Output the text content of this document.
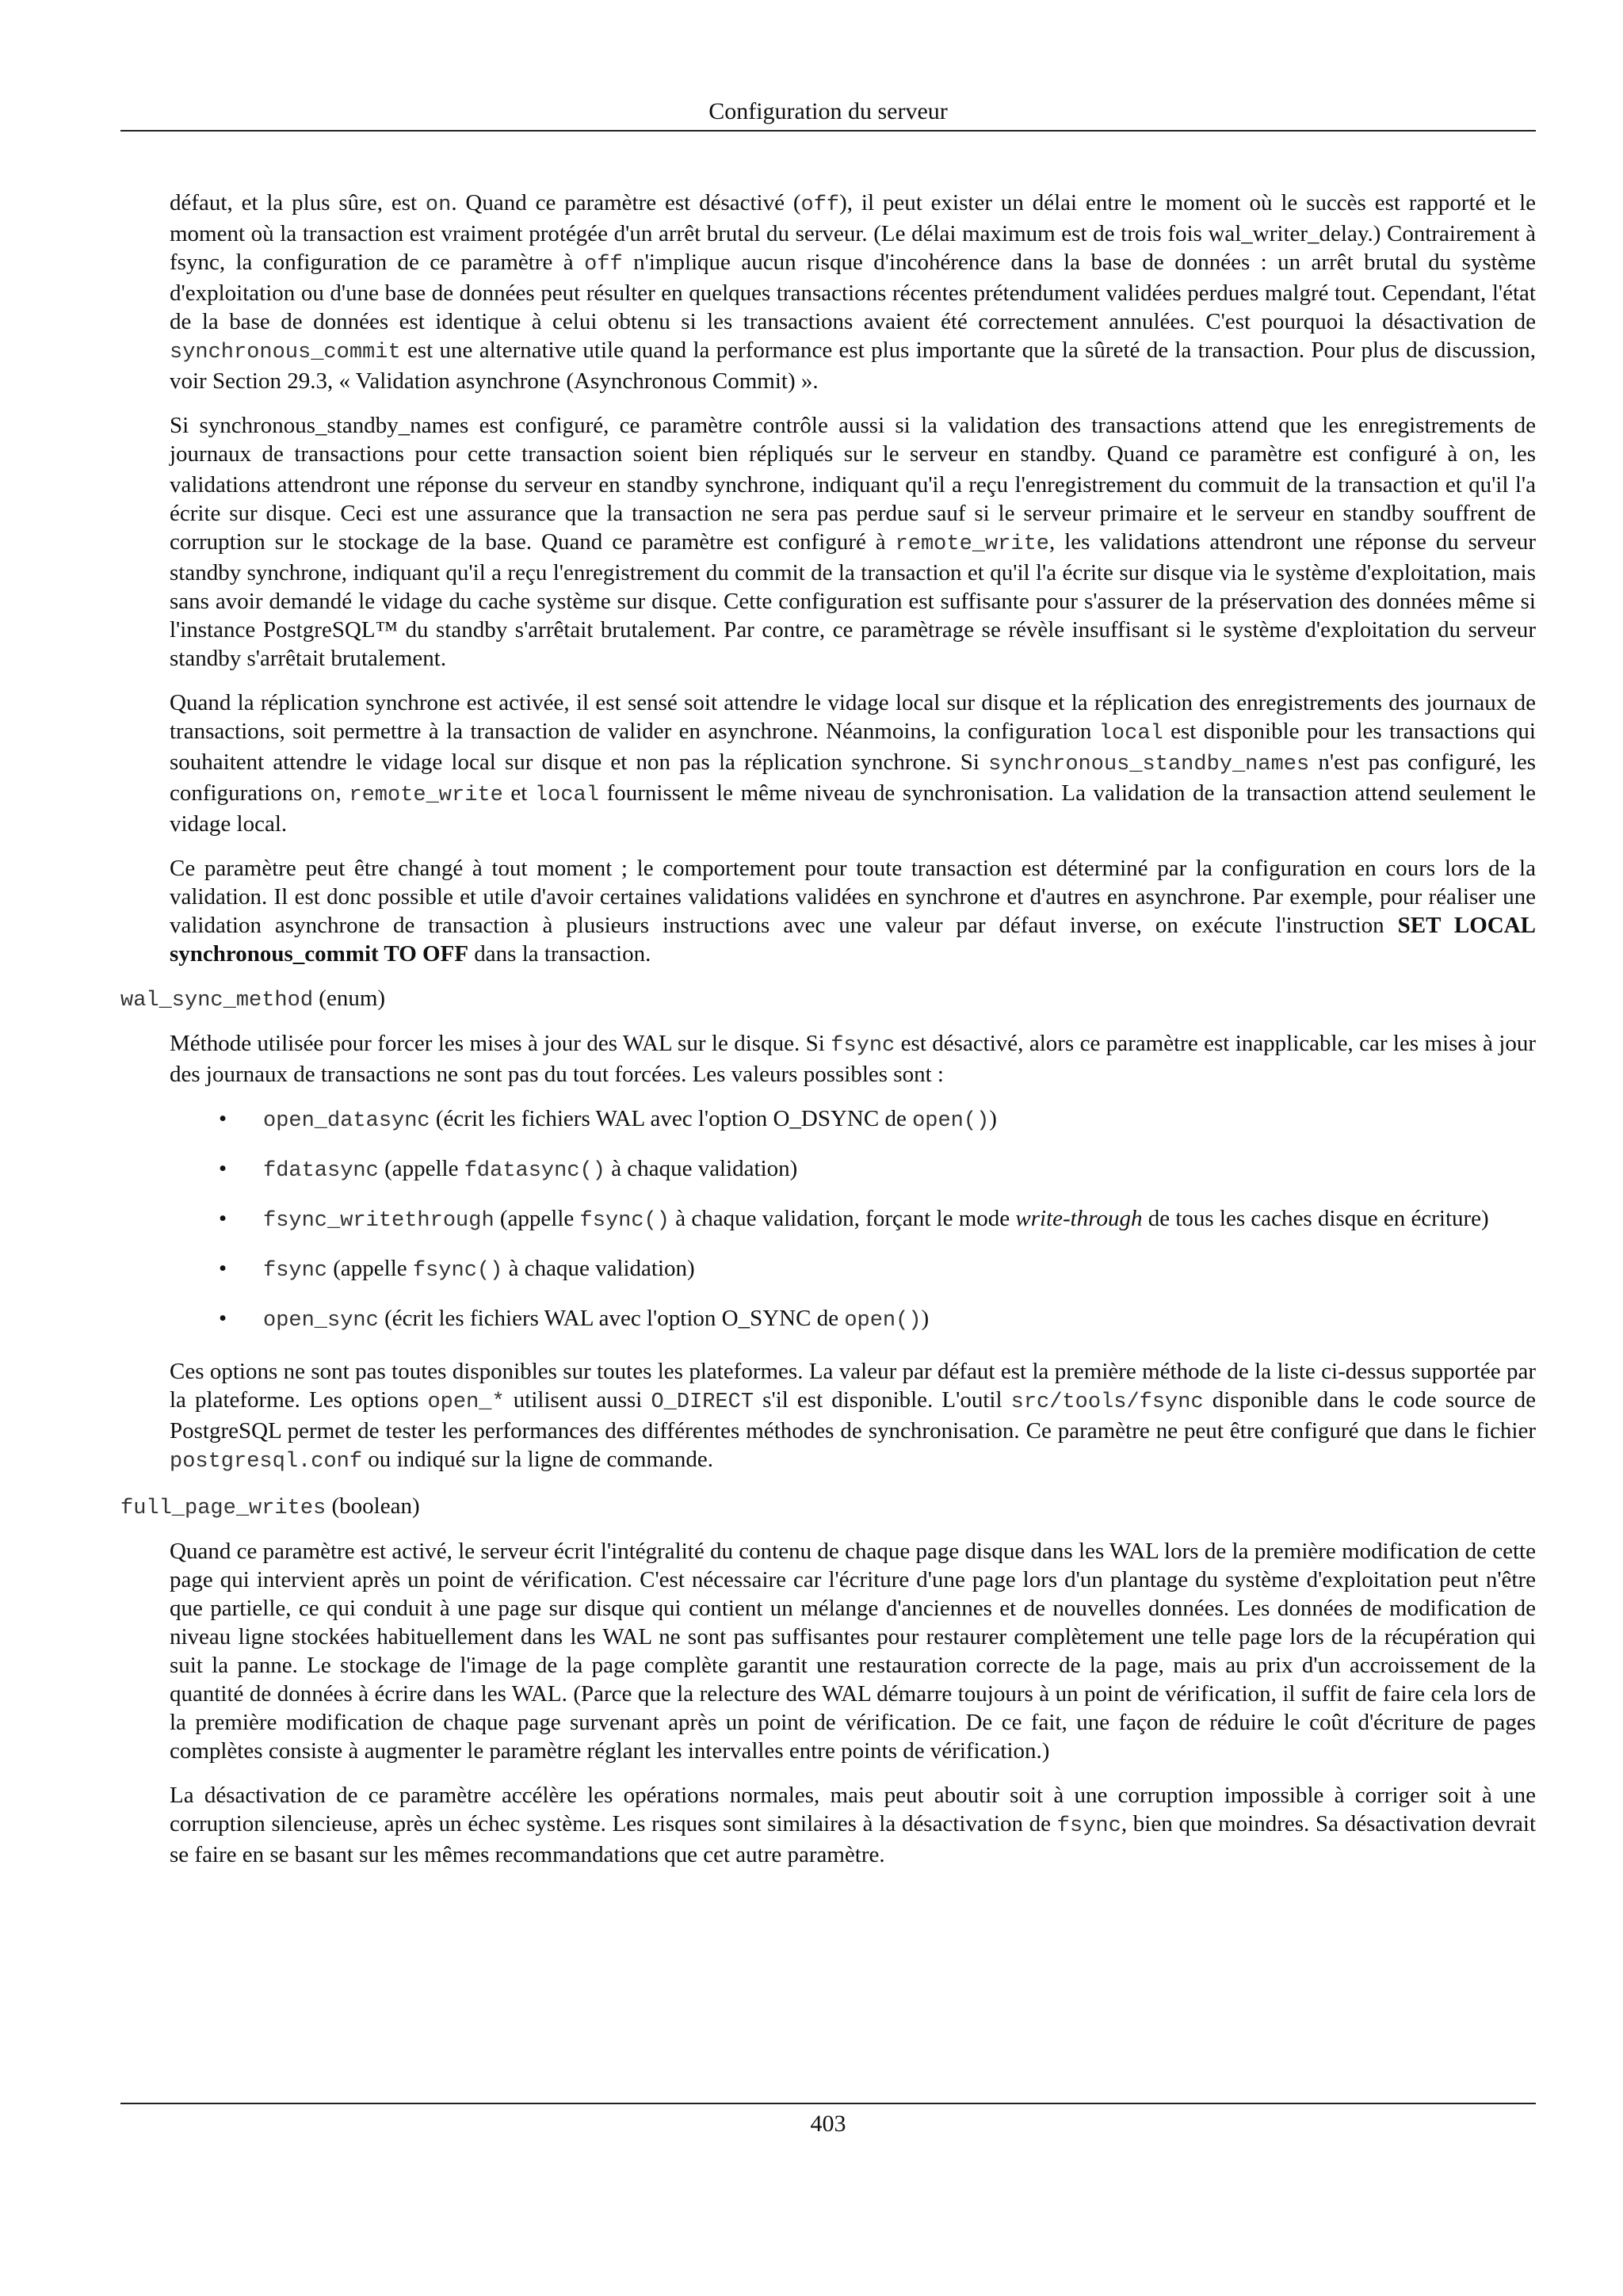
Configuration du serveur

défaut, et la plus sûre, est on. Quand ce paramètre est désactivé (off), il peut exister un délai entre le moment où le succès est rapporté et le moment où la transaction est vraiment protégée d'un arrêt brutal du serveur. (Le délai maximum est de trois fois wal_writer_delay.) Contrairement à fsync, la configuration de ce paramètre à off n'implique aucun risque d'incohérence dans la base de données : un arrêt brutal du système d'exploitation ou d'une base de données peut résulter en quelques transactions récentes prétendument validées perdues malgré tout. Cependant, l'état de la base de données est identique à celui obtenu si les transactions avaient été correctement annulées. C'est pourquoi la désactivation de synchronous_commit est une alternative utile quand la performance est plus importante que la sûreté de la transaction. Pour plus de discussion, voir Section 29.3, « Validation asynchrone (Asynchronous Commit) ».

Si synchronous_standby_names est configuré, ce paramètre contrôle aussi si la validation des transactions attend que les enregistrements de journaux de transactions pour cette transaction soient bien répliqués sur le serveur en standby. Quand ce paramètre est configuré à on, les validations attendront une réponse du serveur en standby synchrone, indiquant qu'il a reçu l'enregistrement du commuit de la transaction et qu'il l'a écrite sur disque. Ceci est une assurance que la transaction ne sera pas perdue sauf si le serveur primaire et le serveur en standby souffrent de corruption sur le stockage de la base. Quand ce paramètre est configuré à remote_write, les validations attendront une réponse du serveur standby synchrone, indiquant qu'il a reçu l'enregistrement du commit de la transaction et qu'il l'a écrite sur disque via le système d'exploitation, mais sans avoir demandé le vidage du cache système sur disque. Cette configuration est suffisante pour s'assurer de la préservation des données même si l'instance PostgreSQL™ du standby s'arrêtait brutalement. Par contre, ce paramètrage se révèle insuffisant si le système d'exploitation du serveur standby s'arrêtait brutalement.

Quand la réplication synchrone est activée, il est sensé soit attendre le vidage local sur disque et la réplication des enregistrements des journaux de transactions, soit permettre à la transaction de valider en asynchrone. Néanmoins, la configuration local est disponible pour les transactions qui souhaitent attendre le vidage local sur disque et non pas la réplication synchrone. Si synchronous_standby_names n'est pas configuré, les configurations on, remote_write et local fournissent le même niveau de synchronisation. La validation de la transaction attend seulement le vidage local.

Ce paramètre peut être changé à tout moment ; le comportement pour toute transaction est déterminé par la configuration en cours lors de la validation. Il est donc possible et utile d'avoir certaines validations validées en synchrone et d'autres en asynchrone. Par exemple, pour réaliser une validation asynchrone de transaction à plusieurs instructions avec une valeur par défaut inverse, on exécute l'instruction SET LOCAL synchronous_commit TO OFF dans la transaction.

wal_sync_method (enum)

Méthode utilisée pour forcer les mises à jour des WAL sur le disque. Si fsync est désactivé, alors ce paramètre est inapplicable, car les mises à jour des journaux de transactions ne sont pas du tout forcées. Les valeurs possibles sont :

• open_datasync (écrit les fichiers WAL avec l'option O_DSYNC de open())
• fdatasync (appelle fdatasync() à chaque validation)
• fsync_writethrough (appelle fsync() à chaque validation, forçant le mode write-through de tous les caches disque en écriture)
• fsync (appelle fsync() à chaque validation)
• open_sync (écrit les fichiers WAL avec l'option O_SYNC de open())

Ces options ne sont pas toutes disponibles sur toutes les plateformes. La valeur par défaut est la première méthode de la liste ci-dessus supportée par la plateforme. Les options open_* utilisent aussi O_DIRECT s'il est disponible. L'outil src/tools/fsync disponible dans le code source de PostgreSQL permet de tester les performances des différentes méthodes de synchronisation. Ce paramètre ne peut être configuré que dans le fichier postgresql.conf ou indiqué sur la ligne de commande.

full_page_writes (boolean)

Quand ce paramètre est activé, le serveur écrit l'intégralité du contenu de chaque page disque dans les WAL lors de la première modification de cette page qui intervient après un point de vérification. C'est nécessaire car l'écriture d'une page lors d'un plantage du système d'exploitation peut n'être que partielle, ce qui conduit à une page sur disque qui contient un mélange d'anciennes et de nouvelles données. Les données de modification de niveau ligne stockées habituellement dans les WAL ne sont pas suffisantes pour restaurer complètement une telle page lors de la récupération qui suit la panne. Le stockage de l'image de la page complète garantit une restauration correcte de la page, mais au prix d'un accroissement de la quantité de données à écrire dans les WAL. (Parce que la relecture des WAL démarre toujours à un point de vérification, il suffit de faire cela lors de la première modification de chaque page survenant après un point de vérification. De ce fait, une façon de réduire le coût d'écriture de pages complètes consiste à augmenter le paramètre réglant les intervalles entre points de vérification.)

La désactivation de ce paramètre accélère les opérations normales, mais peut aboutir soit à une corruption impossible à corriger soit à une corruption silencieuse, après un échec système. Les risques sont similaires à la désactivation de fsync, bien que moindres. Sa désactivation devrait se faire en se basant sur les mêmes recommandations que cet autre paramètre.

403
